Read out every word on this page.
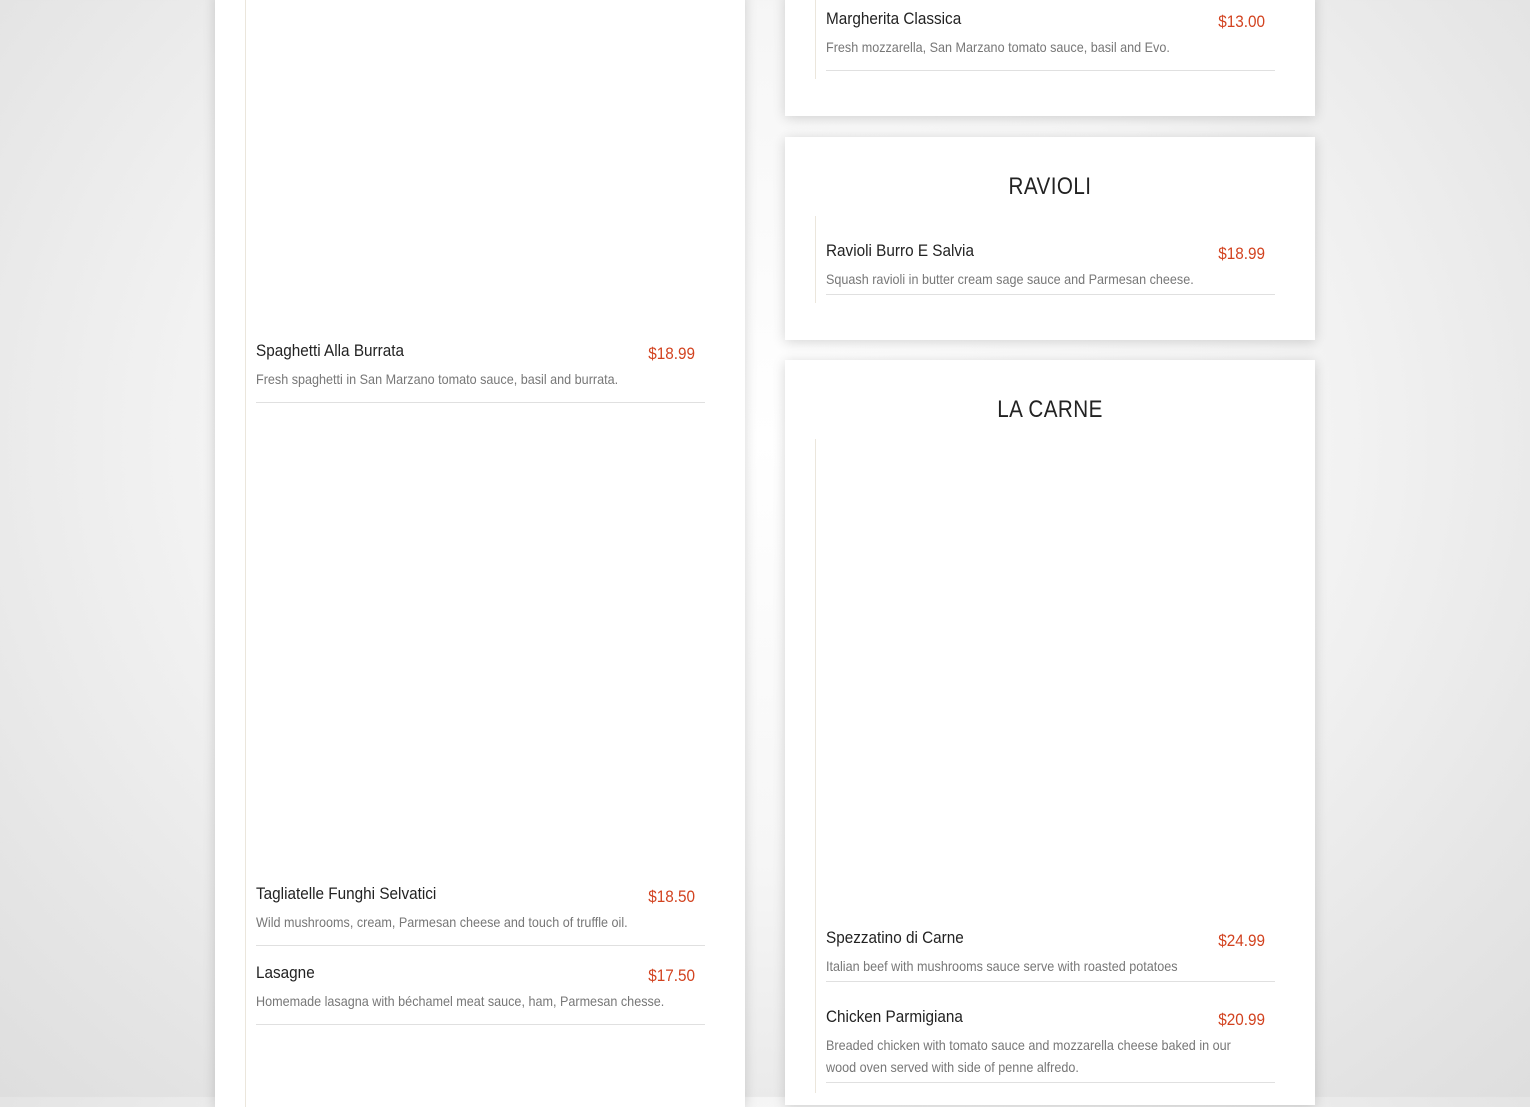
Spaghetti Alla Burrata	$18.99
Fresh spaghetti in San Marzano tomato sauce, basil and burrata.
Tagliatelle Funghi Selvatici	$18.50
Wild mushrooms, cream, Parmesan cheese and touch of truffle oil.
Lasagne	$17.50
Homemade lasagna with béchamel meat sauce, ham, Parmesan chesse.
Margherita Classica	$13.00
Fresh mozzarella, San Marzano tomato sauce, basil and Evo.
RAVIOLI
Ravioli Burro E Salvia	$18.99
Squash ravioli in butter cream sage sauce and Parmesan cheese.
LA CARNE
Spezzatino di Carne	$24.99
Italian beef with mushrooms sauce serve with roasted potatoes
Chicken Parmigiana	$20.99
Breaded chicken with tomato sauce and mozzarella cheese baked in our wood oven served with side of penne alfredo.
